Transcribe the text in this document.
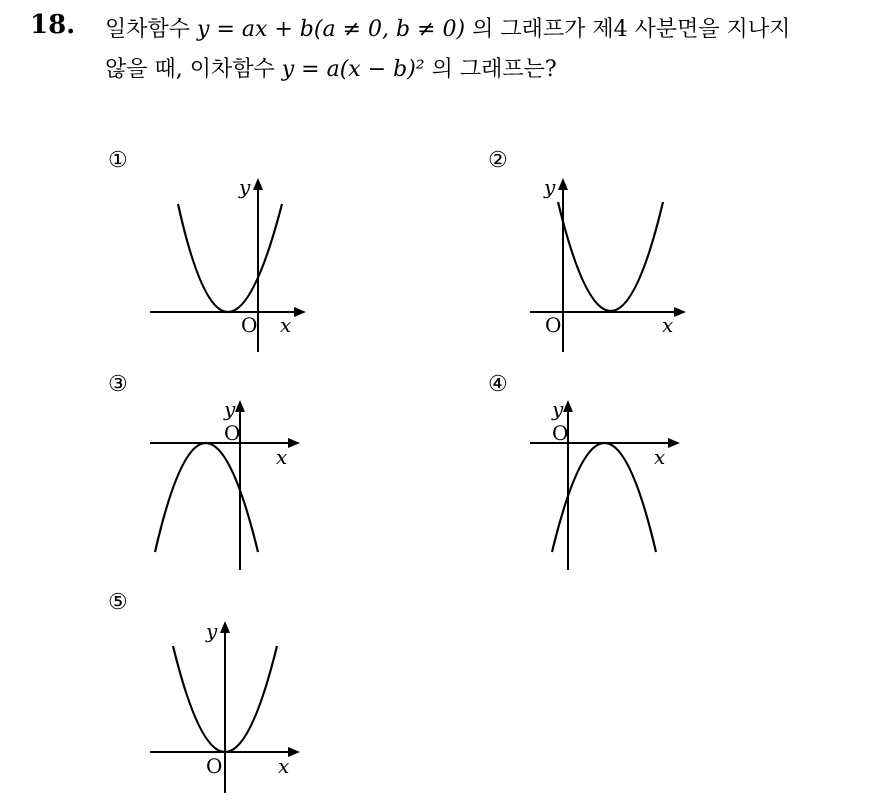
18. 일차함수 y = ax + b(a ≠ 0, b ≠ 0) 의 그래프가 제4 사분면을 지나지
않을 때, 이차함수 y = a(x − b)² 의 그래프는?
①
O x
y
②
O	x
y
③
O
x
y
④
O
x
y
⑤
O	x
y
